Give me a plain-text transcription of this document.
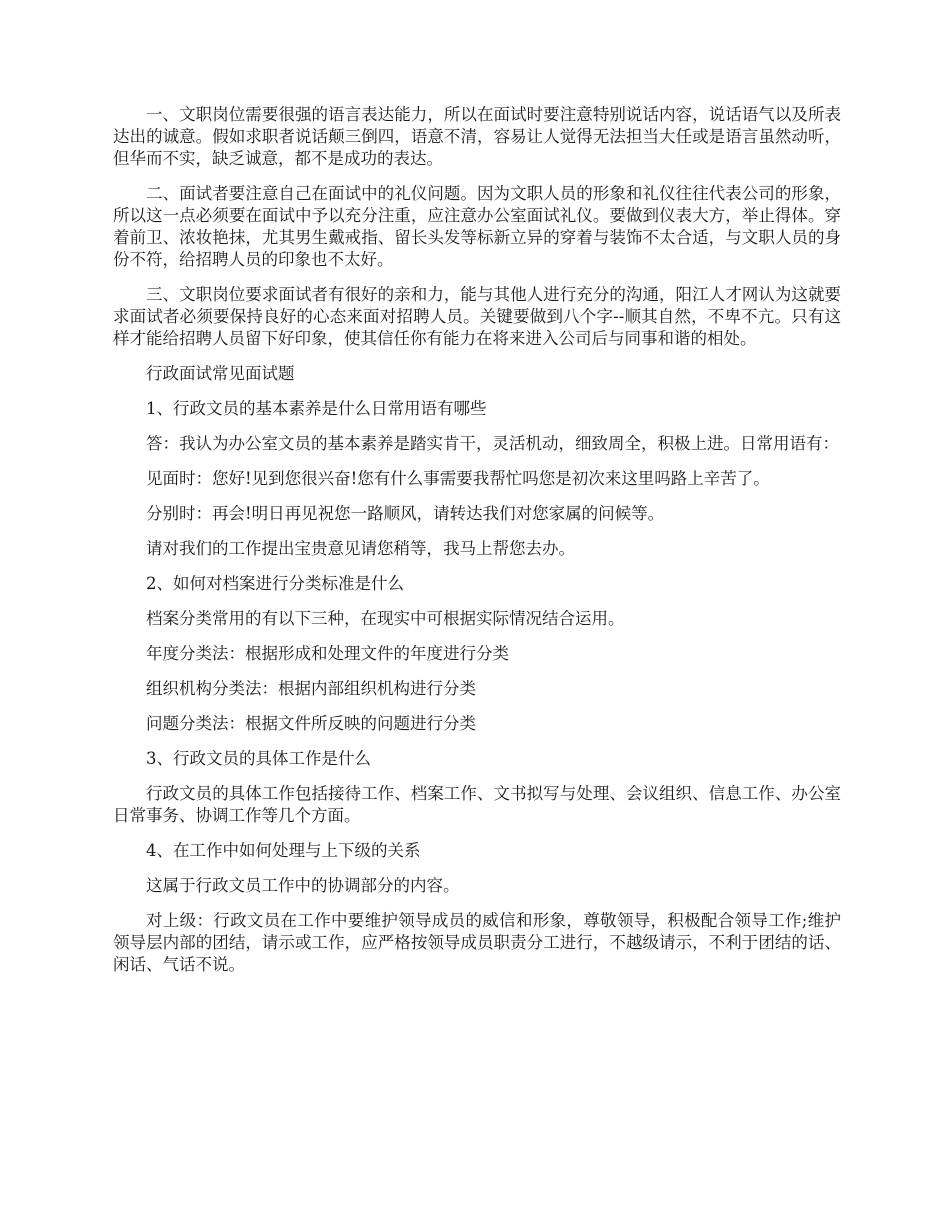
一、文职岗位需要很强的语言表达能力，所以在面试时要注意特别说话内容，说话语气以及所表达出的诚意。假如求职者说话颠三倒四，语意不清，容易让人觉得无法担当大任或是语言虽然动听，但华而不实，缺乏诚意，都不是成功的表达。

二、面试者要注意自己在面试中的礼仪问题。因为文职人员的形象和礼仪往往代表公司的形象，所以这一点必须要在面试中予以充分注重，应注意办公室面试礼仪。要做到仪表大方，举止得体。穿着前卫、浓妆艳抹，尤其男生戴戒指、留长头发等标新立异的穿着与装饰不太合适，与文职人员的身份不符，给招聘人员的印象也不太好。

三、文职岗位要求面试者有很好的亲和力，能与其他人进行充分的沟通，阳江人才网认为这就要求面试者必须要保持良好的心态来面对招聘人员。关键要做到八个字--顺其自然，不卑不亢。只有这样才能给招聘人员留下好印象，使其信任你有能力在将来进入公司后与同事和谐的相处。

行政面试常见面试题

1、行政文员的基本素养是什么日常用语有哪些

答：我认为办公室文员的基本素养是踏实肯干，灵活机动，细致周全，积极上进。日常用语有：

见面时：您好!见到您很兴奋!您有什么事需要我帮忙吗您是初次来这里吗路上辛苦了。

分别时：再会!明日再见祝您一路顺风，请转达我们对您家属的问候等。

请对我们的工作提出宝贵意见请您稍等，我马上帮您去办。

2、如何对档案进行分类标准是什么

档案分类常用的有以下三种，在现实中可根据实际情况结合运用。

年度分类法：根据形成和处理文件的年度进行分类

组织机构分类法：根据内部组织机构进行分类

问题分类法：根据文件所反映的问题进行分类

3、行政文员的具体工作是什么

行政文员的具体工作包括接待工作、档案工作、文书拟写与处理、会议组织、信息工作、办公室日常事务、协调工作等几个方面。

4、在工作中如何处理与上下级的关系

这属于行政文员工作中的协调部分的内容。

对上级：行政文员在工作中要维护领导成员的威信和形象，尊敬领导，积极配合领导工作;维护领导层内部的团结，请示或工作，应严格按领导成员职责分工进行，不越级请示，不利于团结的话、闲话、气话不说。
